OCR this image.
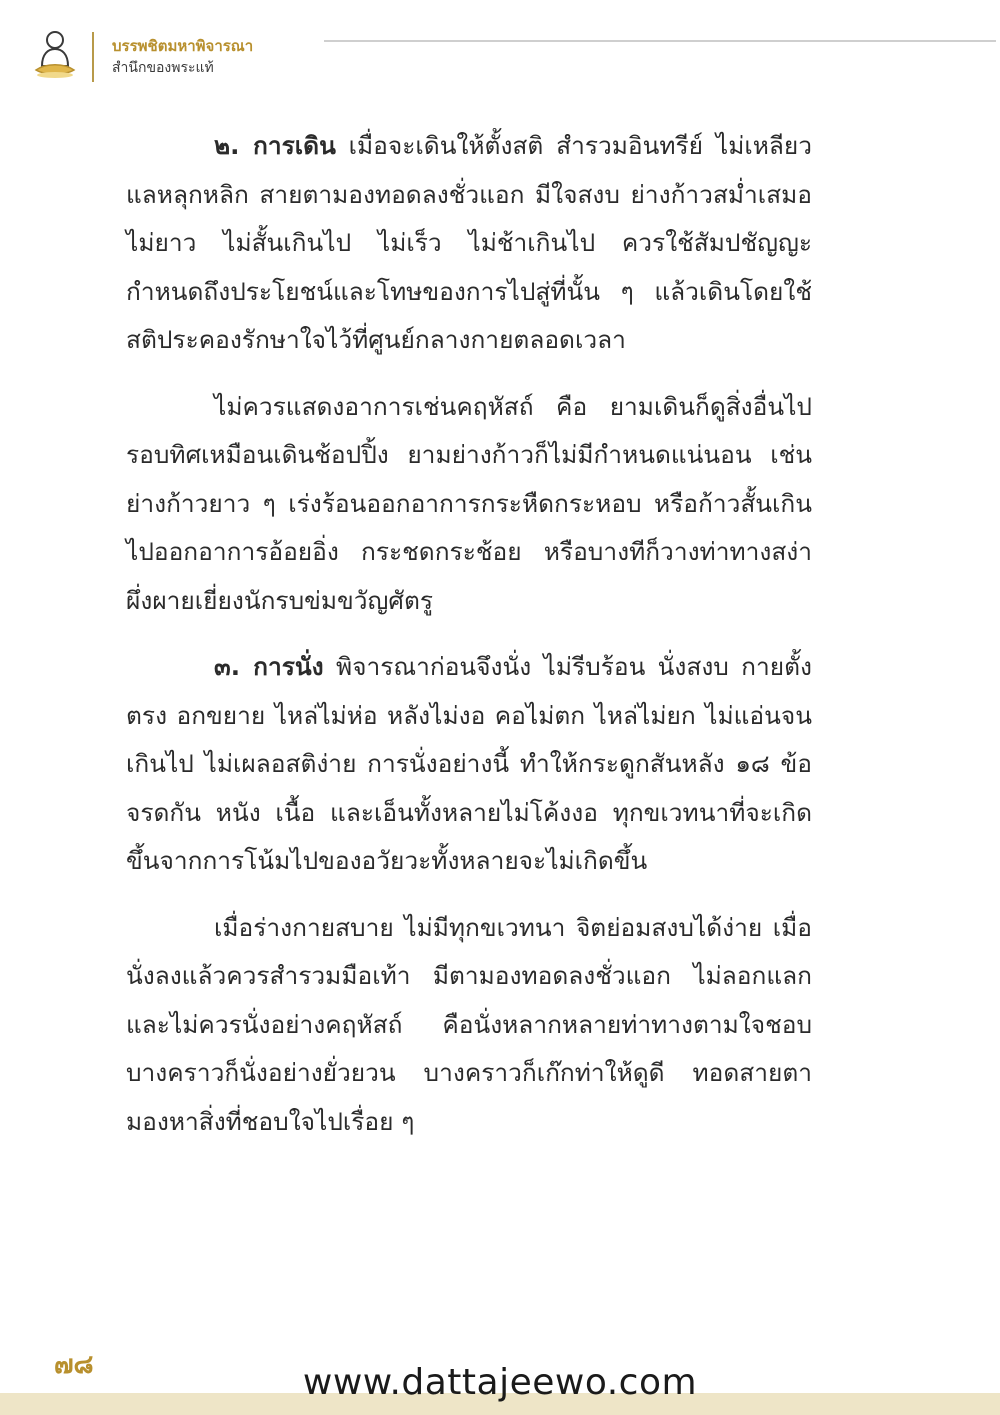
บรรพชิตมหาพิจารณา
สำนึกของพระแท้

๒. การเดิน เมื่อจะเดินให้ตั้งสติ สำรวมอินทรีย์ ไม่เหลียวแลหลุกหลิก สายตามองทอดลงชั่วแอก มีใจสงบ ย่างก้าวสม่ำเสมอ ไม่ยาว ไม่สั้นเกินไป ไม่เร็ว ไม่ช้าเกินไป ควรใช้สัมปชัญญะกำหนดถึงประโยชน์และโทษของการไปสู่ที่นั้น ๆ แล้วเดินโดยใช้สติประคองรักษาใจไว้ที่ศูนย์กลางกายตลอดเวลา

ไม่ควรแสดงอาการเช่นคฤหัสถ์ คือ ยามเดินก็ดูสิ่งอื่นไปรอบทิศเหมือนเดินช้อปปิ้ง ยามย่างก้าวก็ไม่มีกำหนดแน่นอน เช่น ย่างก้าวยาว ๆ เร่งร้อนออกอาการกระหืดกระหอบ หรือก้าวสั้นเกินไปออกอาการอ้อยอิ่ง กระชดกระช้อย หรือบางทีก็วางท่าทางสง่าผึ่งผายเยี่ยงนักรบข่มขวัญศัตรู

๓. การนั่ง พิจารณาก่อนจึงนั่ง ไม่รีบร้อน นั่งสงบ กายตั้งตรง อกขยาย ไหล่ไม่ห่อ หลังไม่งอ คอไม่ตก ไหล่ไม่ยก ไม่แอ่นจนเกินไป ไม่เผลอสติง่าย การนั่งอย่างนี้ ทำให้กระดูกสันหลัง ๑๘ ข้อจรดกัน หนัง เนื้อ และเอ็นทั้งหลายไม่โค้งงอ ทุกขเวทนาที่จะเกิดขึ้นจากการโน้มไปของอวัยวะทั้งหลายจะไม่เกิดขึ้น

เมื่อร่างกายสบาย ไม่มีทุกขเวทนา จิตย่อมสงบได้ง่าย เมื่อนั่งลงแล้วควรสำรวมมือเท้า มีตามองทอดลงชั่วแอก ไม่ลอกแลกและไม่ควรนั่งอย่างคฤหัสถ์ คือนั่งหลากหลายท่าทางตามใจชอบ บางคราวก็นั่งอย่างยั่วยวน บางคราวก็เก๊กท่าให้ดูดี ทอดสายตามองหาสิ่งที่ชอบใจไปเรื่อย ๆ

๗๘	www.dattajeewo.com
